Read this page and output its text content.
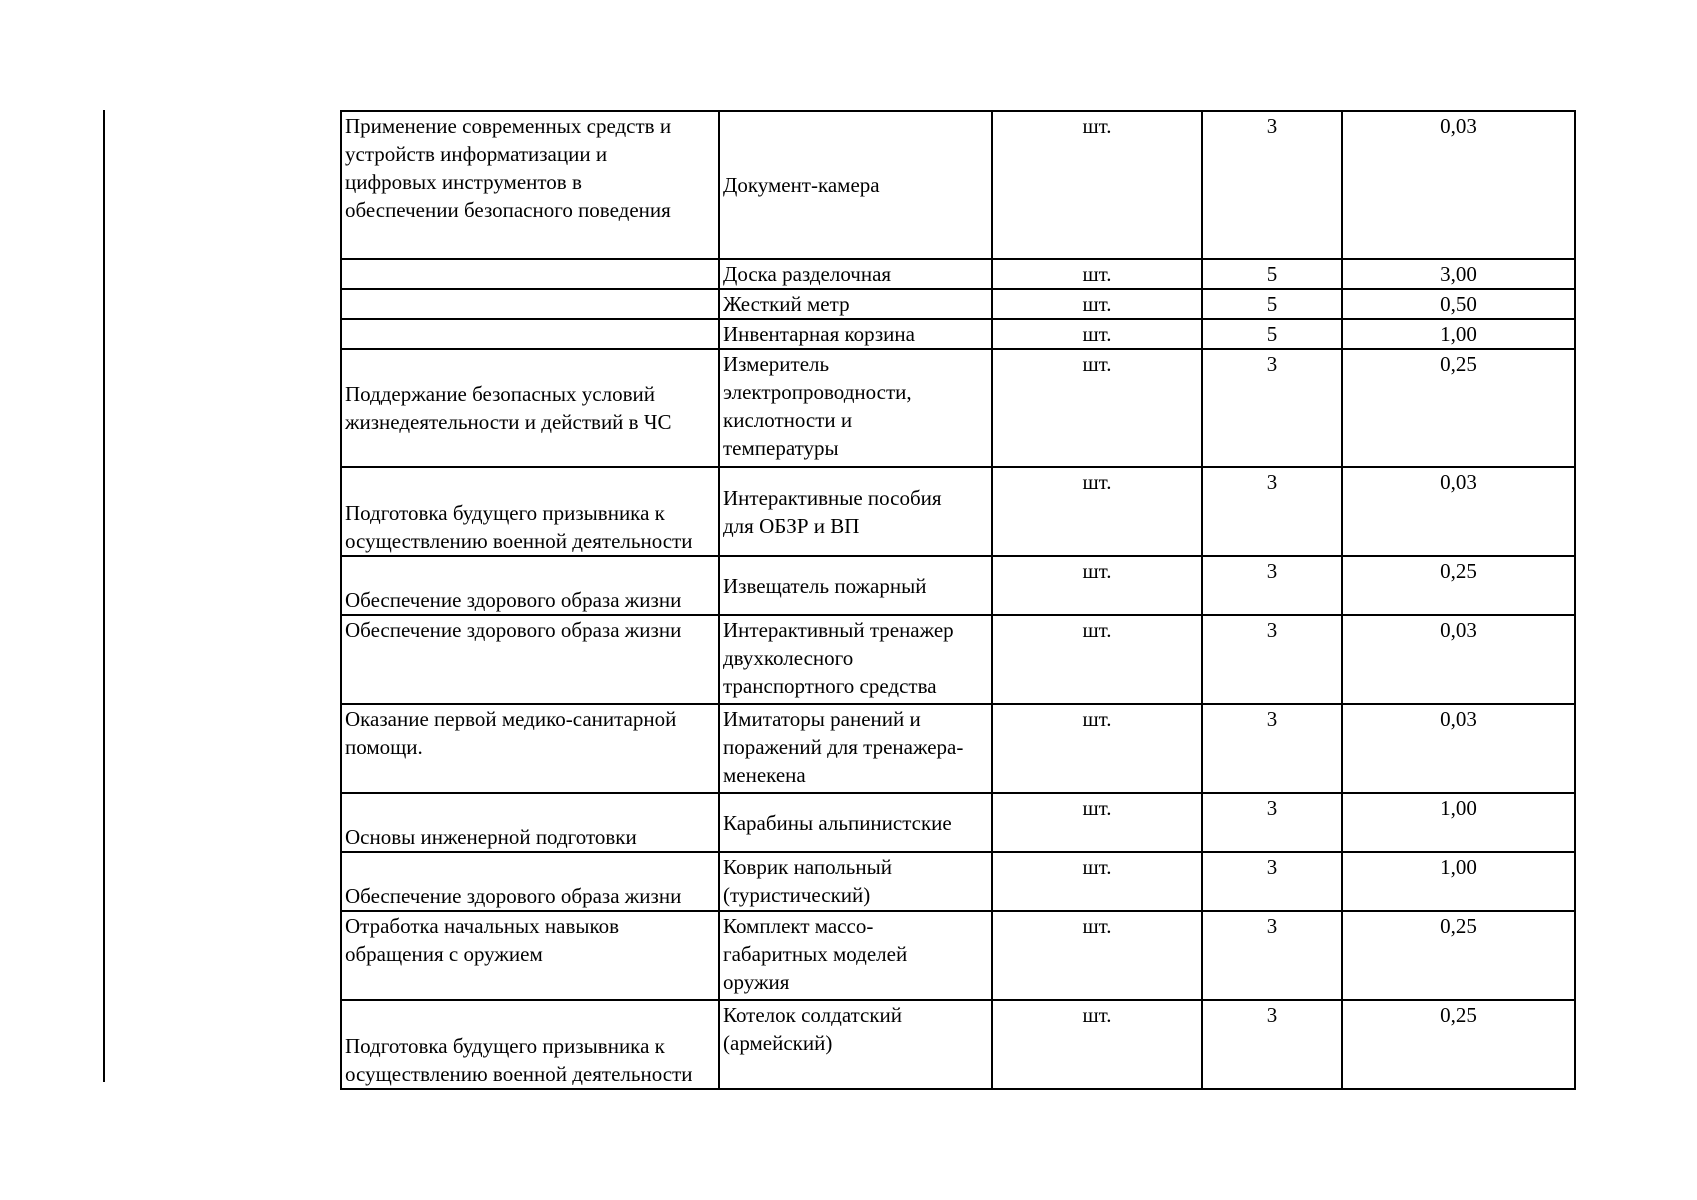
Применение современных средств и
устройств информатизации и
цифровых инструментов в
обеспечении безопасного поведения	Документ-камера	шт.	3	0,03
	Доска разделочная	шт.	5	3,00
	Жесткий метр	шт.	5	0,50
	Инвентарная корзина	шт.	5	1,00
Поддержание безопасных условий
жизнедеятельности и действий в ЧС	Измеритель
электропроводности,
кислотности и
температуры	шт.	3	0,25
Подготовка будущего призывника к
осуществлению военной деятельности	Интерактивные пособия
для ОБЗР и ВП	шт.	3	0,03
Обеспечение здорового образа жизни	Извещатель пожарный	шт.	3	0,25
Обеспечение здорового образа жизни	Интерактивный тренажер
двухколесного
транспортного средства	шт.	3	0,03
Оказание первой медико-санитарной
помощи.	Имитаторы ранений и
поражений для тренажера-
менекена	шт.	3	0,03
Основы инженерной подготовки	Карабины альпинистские	шт.	3	1,00
Обеспечение здорового образа жизни	Коврик напольный
(туристический)	шт.	3	1,00
Отработка начальных навыков
обращения с оружием	Комплект массо-
габаритных моделей
оружия	шт.	3	0,25
Подготовка будущего призывника к
осуществлению военной деятельности	Котелок солдатский
(армейский)	шт.	3	0,25
